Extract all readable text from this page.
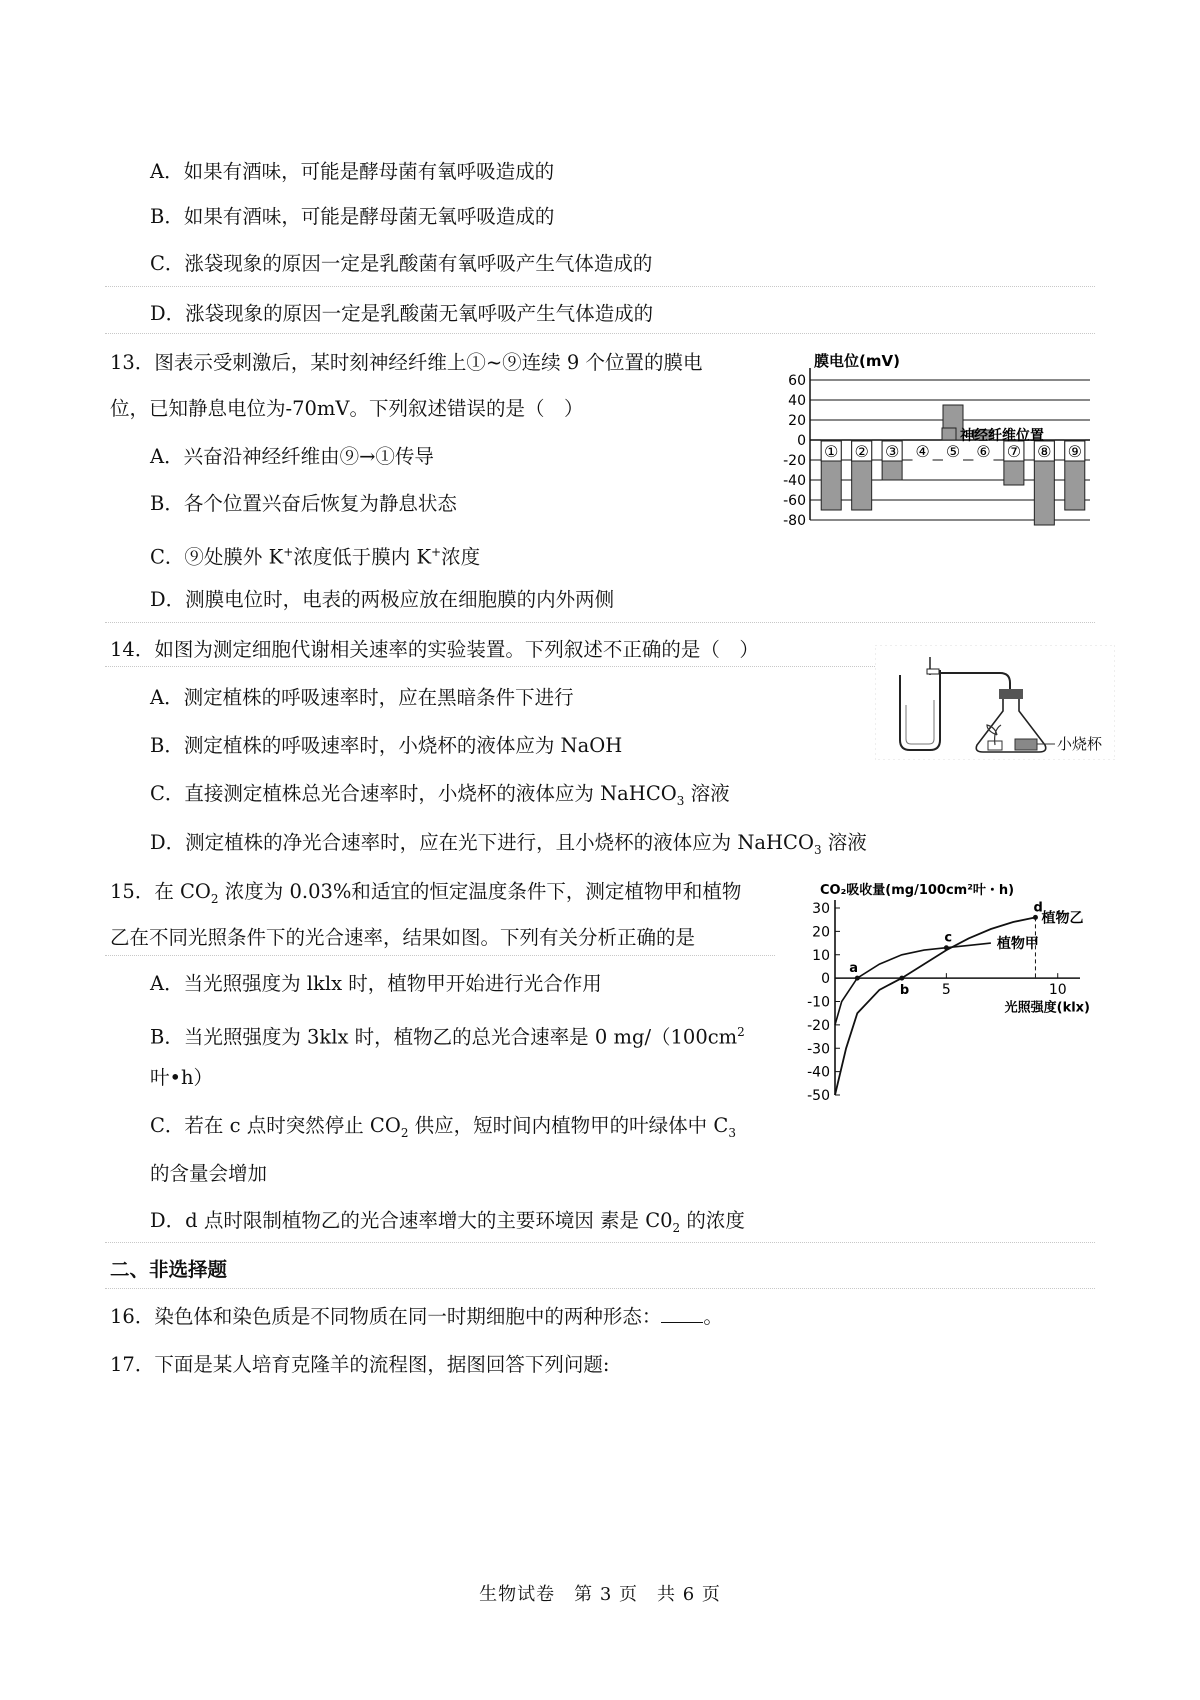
A．如果有酒味，可能是酵母菌有氧呼吸造成的
B．如果有酒味，可能是酵母菌无氧呼吸造成的
C．涨袋现象的原因一定是乳酸菌有氧呼吸产生气体造成的
D．涨袋现象的原因一定是乳酸菌无氧呼吸产生气体造成的
13．图表示受刺激后，某时刻神经纤维上①~⑨连续 9 个位置的膜电
位，已知静息电位为-70mV。下列叙述错误的是（　）
A．兴奋沿神经纤维由⑨→①传导
B．各个位置兴奋后恢复为静息状态
C．⑨处膜外 K+浓度低于膜内 K+浓度
D．测膜电位时，电表的两极应放在细胞膜的内外两侧
① ② ③ ④ ⑤ ⑥ ⑦ ⑧ ⑨
膜电位(mV)
60
40
20
0
-20
-40
-60
-80
神经纤维位置
14．如图为测定细胞代谢相关速率的实验装置。下列叙述不正确的是（　）
A．测定植株的呼吸速率时，应在黑暗条件下进行
B．测定植株的呼吸速率时，小烧杯的液体应为 NaOH
C．直接测定植株总光合速率时，小烧杯的液体应为 NaHCO$_3$ 溶液
D．测定植株的净光合速率时，应在光下进行，且小烧杯的液体应为 NaHCO$_3$ 溶液
小烧杯
15．在 $CO_2$ 浓度为 0.03%和适宜的恒定温度条件下，测定植物甲和植物
乙在不同光照条件下的光合速率，结果如图。下列有关分析正确的是
A．当光照强度为 lklx 时，植物甲开始进行光合作用
B．当光照强度为 3klx 时，植物乙的总光合速率是 0 $mg/(100cm^2$
叶•h）
C．若在 c 点时突然停止 $CO_2$ 供应，短时间内植物甲的叶绿体中 $C_3$
的含量会增加
D．d 点时限制植物乙的光合速率增大的主要环境因 素是 $C0_2$ 的浓度
CO₂吸收量(mg/100cm²叶・h)
30
20
10
0
-10
-20
-30
-40
-50
5	10
光照强度(klx)
植物甲
植物乙
a
b
c
d
二、非选择题
16．染色体和染色质是不同物质在同一时期细胞中的两种形态： 。
17．下面是某人培育克隆羊的流程图，据图回答下列问题:
生物试卷　第 3 页　共 6 页
